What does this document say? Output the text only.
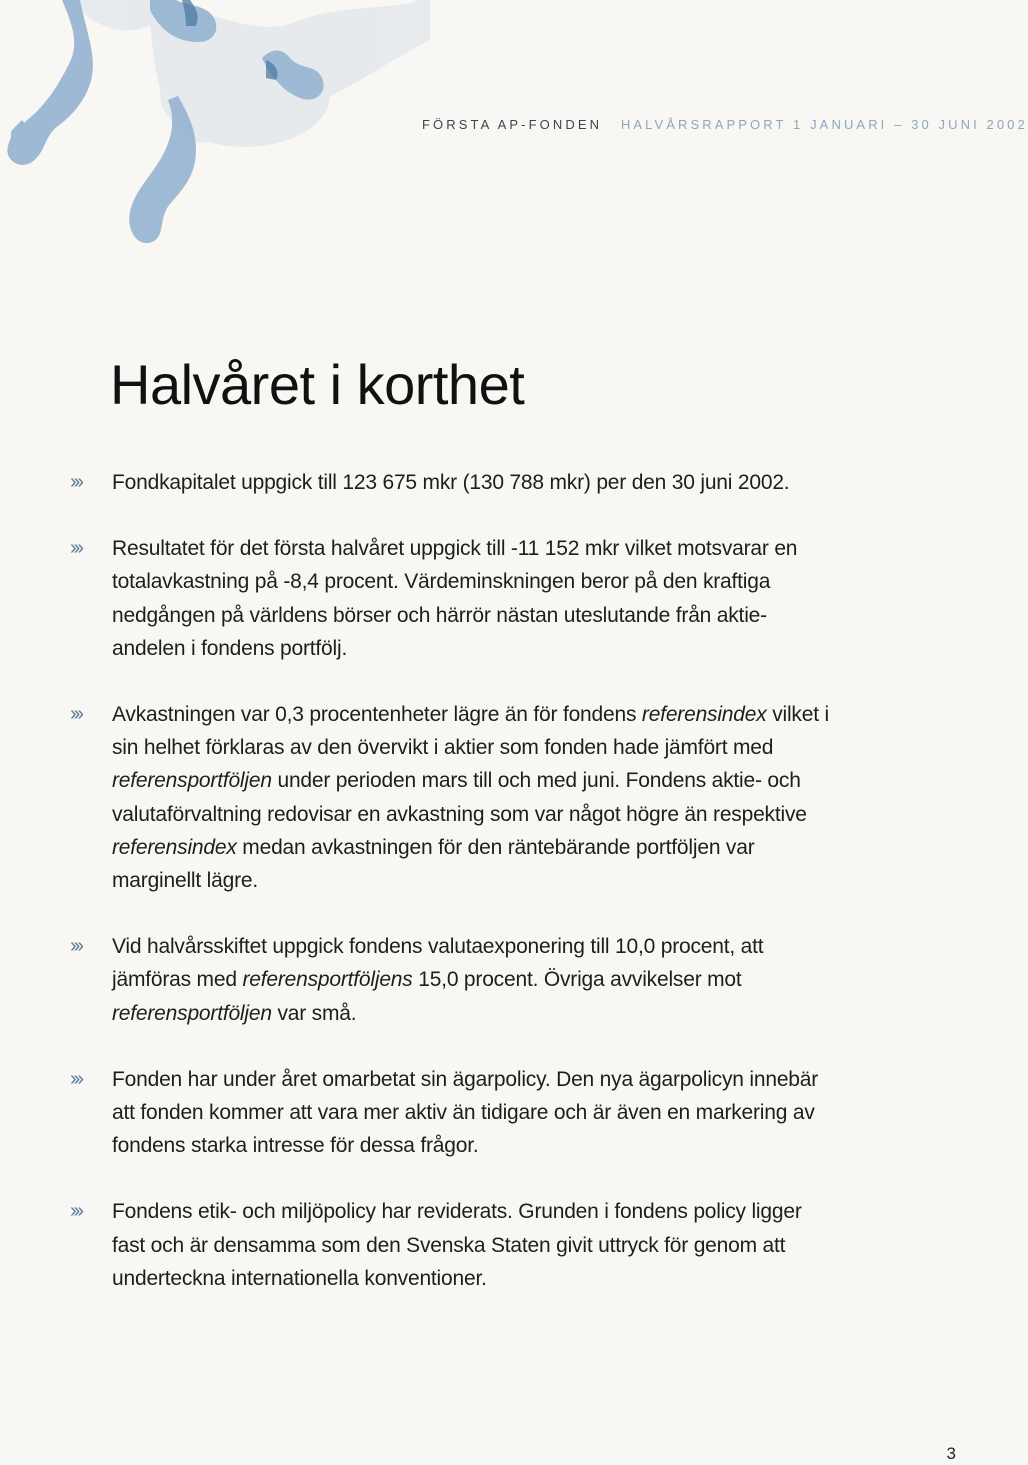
FÖRSTA AP-FONDEN HALVÅRSRAPPORT 1 JANUARI – 30 JUNI 2002
Halvåret i korthet
››› Fondkapitalet uppgick till 123 675 mkr (130 788 mkr) per den 30 juni 2002.
››› Resultatet för det första halvåret uppgick till -11 152 mkr vilket motsvarar en totalavkastning på -8,4 procent. Värdeminskningen beror på den kraftiga nedgången på världens börser och härrör nästan uteslutande från aktieandelen i fondens portfölj.
››› Avkastningen var 0,3 procentenheter lägre än för fondens referensindex vilket i sin helhet förklaras av den övervikt i aktier som fonden hade jämfört med referensportföljen under perioden mars till och med juni. Fondens aktie- och valutaförvaltning redovisar en avkastning som var något högre än respektive referensindex medan avkastningen för den räntebärande portföljen var marginellt lägre.
››› Vid halvårsskiftet uppgick fondens valutaexponering till 10,0 procent, att jämföras med referensportföljens 15,0 procent. Övriga avvikelser mot referensportföljen var små.
››› Fonden har under året omarbetat sin ägarpolicy. Den nya ägarpolicyn innebär att fonden kommer att vara mer aktiv än tidigare och är även en markering av fondens starka intresse för dessa frågor.
››› Fondens etik- och miljöpolicy har reviderats. Grunden i fondens policy ligger fast och är densamma som den Svenska Staten givit uttryck för genom att underteckna internationella konventioner.
3
